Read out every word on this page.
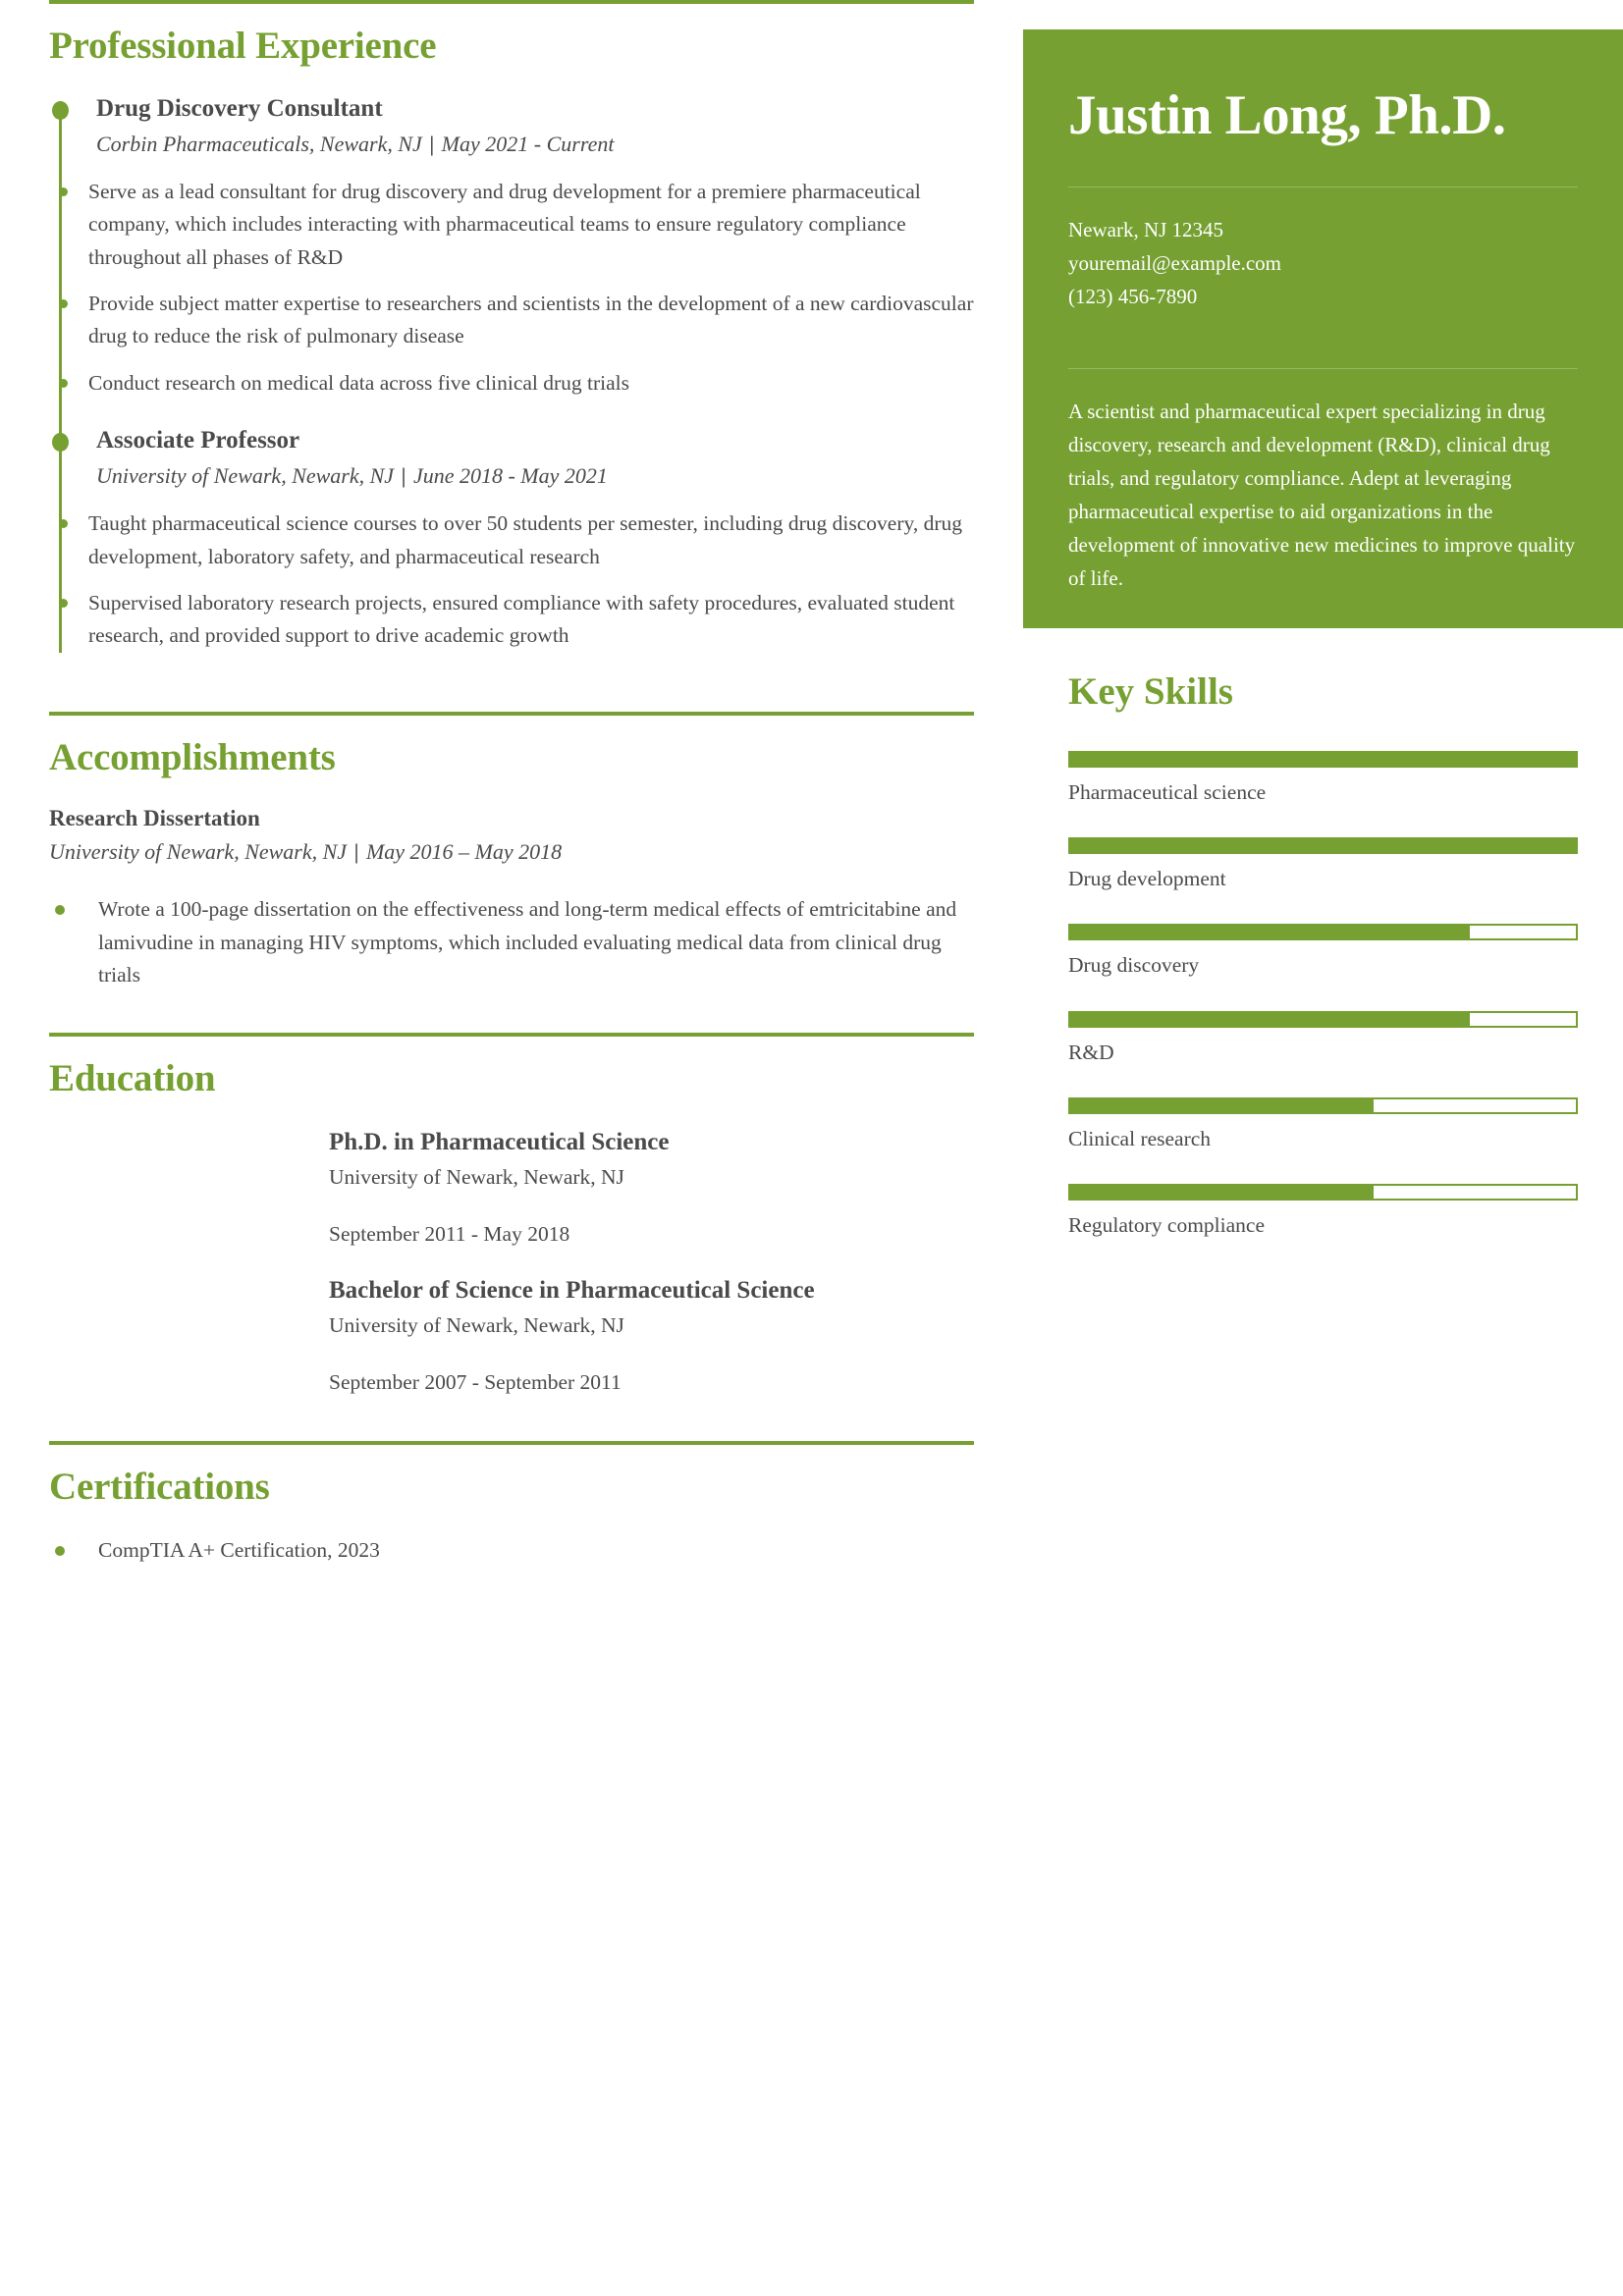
Professional Experience
Drug Discovery Consultant
Corbin Pharmaceuticals, Newark, NJ | May 2021 - Current
Serve as a lead consultant for drug discovery and drug development for a premiere pharmaceutical company, which includes interacting with pharmaceutical teams to ensure regulatory compliance throughout all phases of R&D
Provide subject matter expertise to researchers and scientists in the development of a new cardiovascular drug to reduce the risk of pulmonary disease
Conduct research on medical data across five clinical drug trials
Associate Professor
University of Newark, Newark, NJ | June 2018 - May 2021
Taught pharmaceutical science courses to over 50 students per semester, including drug discovery, drug development, laboratory safety, and pharmaceutical research
Supervised laboratory research projects, ensured compliance with safety procedures, evaluated student research, and provided support to drive academic growth
Accomplishments
Research Dissertation
University of Newark, Newark, NJ | May 2016 – May 2018
Wrote a 100-page dissertation on the effectiveness and long-term medical effects of emtricitabine and lamivudine in managing HIV symptoms, which included evaluating medical data from clinical drug trials
Education
Ph.D. in Pharmaceutical Science
University of Newark, Newark, NJ
September 2011 - May 2018
Bachelor of Science in Pharmaceutical Science
University of Newark, Newark, NJ
September 2007 - September 2011
Certifications
CompTIA A+ Certification, 2023
Justin Long, Ph.D.

Newark, NJ 12345

youremail@example.com

(123) 456-7890

A scientist and pharmaceutical expert specializing in drug discovery, research and development (R&D), clinical drug trials, and regulatory compliance. Adept at leveraging pharmaceutical expertise to aid organizations in the development of innovative new medicines to improve quality of life.
Key Skills
Pharmaceutical science
Drug development
Drug discovery
R&D
Clinical research
Regulatory compliance
